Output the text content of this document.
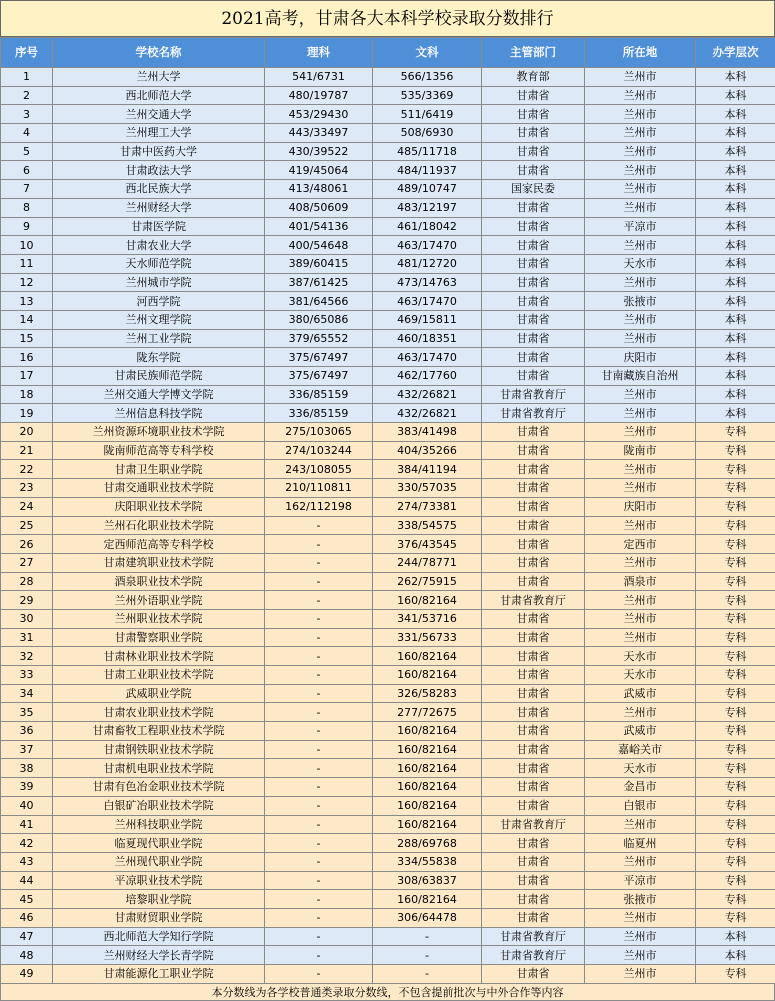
2021高考，甘肃各大本科学校录取分数排行
序号	学校名称	理科	文科	主管部门	所在地	办学层次
1	兰州大学	541/6731	566/1356	教育部	兰州市	本科
2	西北师范大学	480/19787	535/3369	甘肃省	兰州市	本科
3	兰州交通大学	453/29430	511/6419	甘肃省	兰州市	本科
4	兰州理工大学	443/33497	508/6930	甘肃省	兰州市	本科
5	甘肃中医药大学	430/39522	485/11718	甘肃省	兰州市	本科
6	甘肃政法大学	419/45064	484/11937	甘肃省	兰州市	本科
7	西北民族大学	413/48061	489/10747	国家民委	兰州市	本科
8	兰州财经大学	408/50609	483/12197	甘肃省	兰州市	本科
9	甘肃医学院	401/54136	461/18042	甘肃省	平凉市	本科
10	甘肃农业大学	400/54648	463/17470	甘肃省	兰州市	本科
11	天水师范学院	389/60415	481/12720	甘肃省	天水市	本科
12	兰州城市学院	387/61425	473/14763	甘肃省	兰州市	本科
13	河西学院	381/64566	463/17470	甘肃省	张掖市	本科
14	兰州文理学院	380/65086	469/15811	甘肃省	兰州市	本科
15	兰州工业学院	379/65552	460/18351	甘肃省	兰州市	本科
16	陇东学院	375/67497	463/17470	甘肃省	庆阳市	本科
17	甘肃民族师范学院	375/67497	462/17760	甘肃省	甘南藏族自治州	本科
18	兰州交通大学博文学院	336/85159	432/26821	甘肃省教育厅	兰州市	本科
19	兰州信息科技学院	336/85159	432/26821	甘肃省教育厅	兰州市	本科
20	兰州资源环境职业技术学院	275/103065	383/41498	甘肃省	兰州市	专科
21	陇南师范高等专科学校	274/103244	404/35266	甘肃省	陇南市	专科
22	甘肃卫生职业学院	243/108055	384/41194	甘肃省	兰州市	专科
23	甘肃交通职业技术学院	210/110811	330/57035	甘肃省	兰州市	专科
24	庆阳职业技术学院	162/112198	274/73381	甘肃省	庆阳市	专科
25	兰州石化职业技术学院	-	338/54575	甘肃省	兰州市	专科
26	定西师范高等专科学校	-	376/43545	甘肃省	定西市	专科
27	甘肃建筑职业技术学院	-	244/78771	甘肃省	兰州市	专科
28	酒泉职业技术学院	-	262/75915	甘肃省	酒泉市	专科
29	兰州外语职业学院	-	160/82164	甘肃省教育厅	兰州市	专科
30	兰州职业技术学院	-	341/53716	甘肃省	兰州市	专科
31	甘肃警察职业学院	-	331/56733	甘肃省	兰州市	专科
32	甘肃林业职业技术学院	-	160/82164	甘肃省	天水市	专科
33	甘肃工业职业技术学院	-	160/82164	甘肃省	天水市	专科
34	武威职业学院	-	326/58283	甘肃省	武威市	专科
35	甘肃农业职业技术学院	-	277/72675	甘肃省	兰州市	专科
36	甘肃畜牧工程职业技术学院	-	160/82164	甘肃省	武威市	专科
37	甘肃钢铁职业技术学院	-	160/82164	甘肃省	嘉峪关市	专科
38	甘肃机电职业技术学院	-	160/82164	甘肃省	天水市	专科
39	甘肃有色冶金职业技术学院	-	160/82164	甘肃省	金昌市	专科
40	白银矿冶职业技术学院	-	160/82164	甘肃省	白银市	专科
41	兰州科技职业学院	-	160/82164	甘肃省教育厅	兰州市	专科
42	临夏现代职业学院	-	288/69768	甘肃省	临夏州	专科
43	兰州现代职业学院	-	334/55838	甘肃省	兰州市	专科
44	平凉职业技术学院	-	308/63837	甘肃省	平凉市	专科
45	培黎职业学院	-	160/82164	甘肃省	张掖市	专科
46	甘肃财贸职业学院	-	306/64478	甘肃省	兰州市	专科
47	西北师范大学知行学院	-	-	甘肃省教育厅	兰州市	本科
48	兰州财经大学长青学院	-	-	甘肃省教育厅	兰州市	本科
49	甘肃能源化工职业学院	-	-	甘肃省	兰州市	专科
本分数线为各学校普通类录取分数线，不包含提前批次与中外合作等内容
